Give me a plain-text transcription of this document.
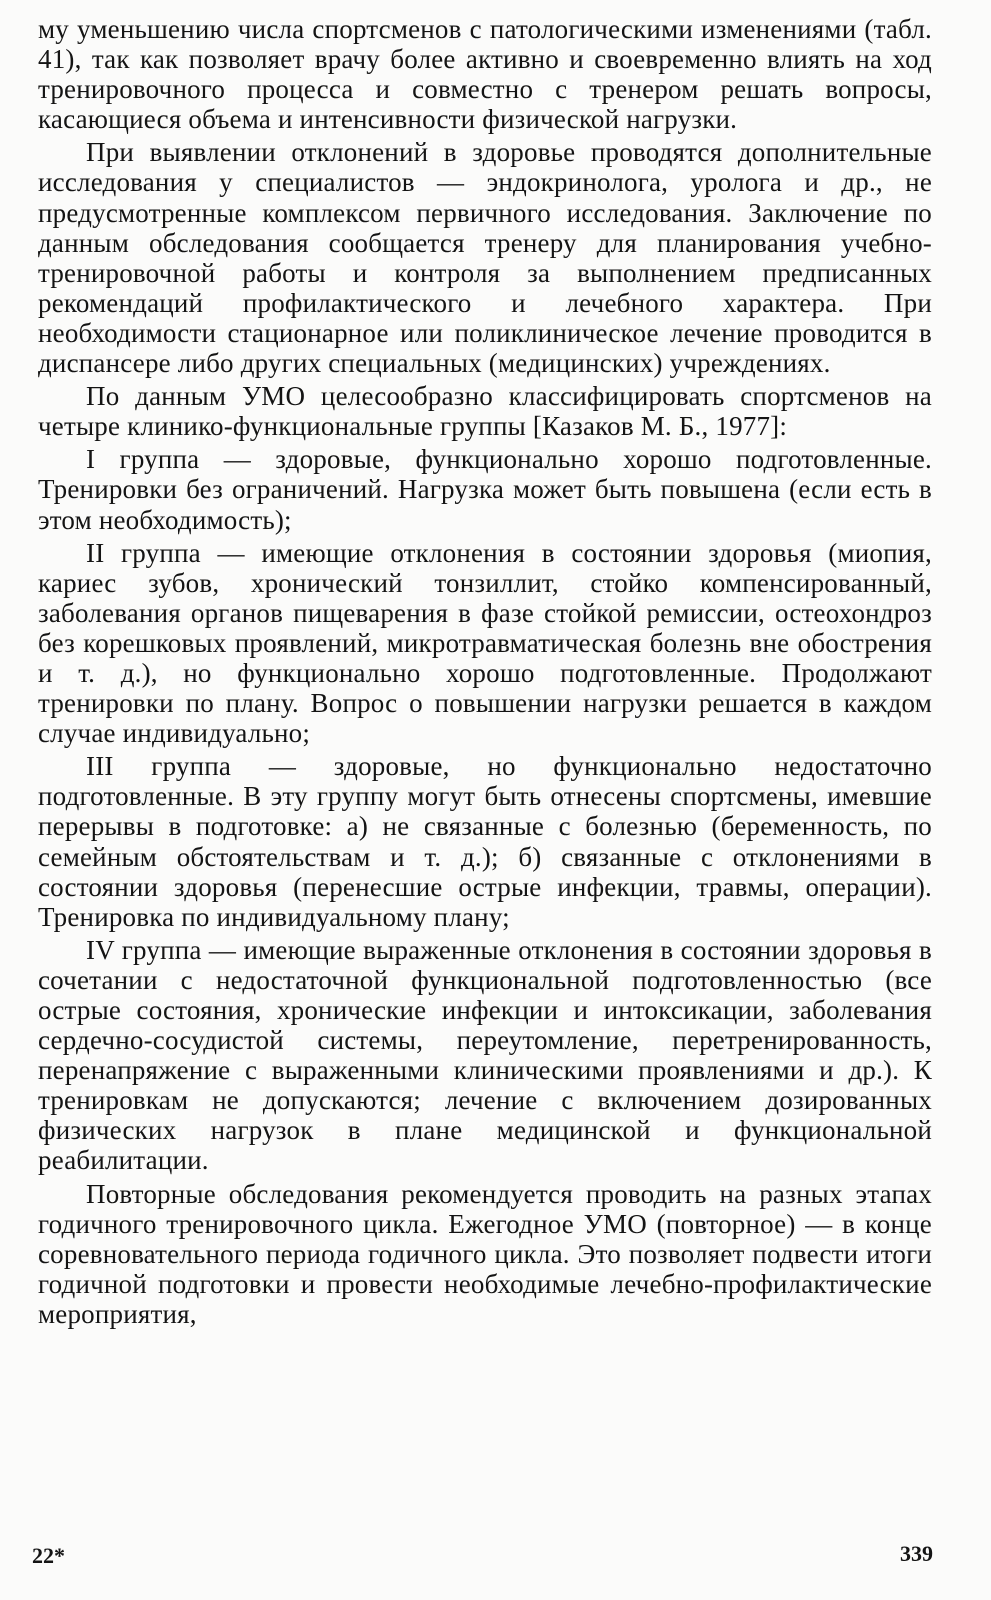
му уменьшению числа спортсменов с патологическими изменениями (табл. 41), так как позволяет врачу более активно и своевременно влиять на ход тренировочного процесса и совместно с тренером решать вопросы, касающиеся объема и интенсивности физической нагрузки.

При выявлении отклонений в здоровье проводятся дополнительные исследования у специалистов — эндокринолога, уролога и др., не предусмотренные комплексом первичного исследования. Заключение по данным обследования сообщается тренеру для планирования учебно-тренировочной работы и контроля за выполнением предписанных рекомендаций профилактического и лечебного характера. При необходимости стационарное или поликлиническое лечение проводится в диспансере либо других специальных (медицинских) учреждениях.

По данным УМО целесообразно классифицировать спортсменов на четыре клинико-функциональные группы [Казаков М. Б., 1977]:

I группа — здоровые, функционально хорошо подготовленные. Тренировки без ограничений. Нагрузка может быть повышена (если есть в этом необходимость);

II группа — имеющие отклонения в состоянии здоровья (миопия, кариес зубов, хронический тонзиллит, стойко компенсированный, заболевания органов пищеварения в фазе стойкой ремиссии, остеохондроз без корешковых проявлений, микротравматическая болезнь вне обострения и т. д.), но функционально хорошо подготовленные. Продолжают тренировки по плану. Вопрос о повышении нагрузки решается в каждом случае индивидуально;

III группа — здоровые, но функционально недостаточно подготовленные. В эту группу могут быть отнесены спортсмены, имевшие перерывы в подготовке: а) не связанные с болезнью (беременность, по семейным обстоятельствам и т. д.); б) связанные с отклонениями в состоянии здоровья (перенесшие острые инфекции, травмы, операции). Тренировка по индивидуальному плану;

IV группа — имеющие выраженные отклонения в состоянии здоровья в сочетании с недостаточной функциональной подготовленностью (все острые состояния, хронические инфекции и интоксикации, заболевания сердечно-сосудистой системы, переутомление, перетренированность, перенапряжение с выраженными клиническими проявлениями и др.). К тренировкам не допускаются; лечение с включением дозированных физических нагрузок в плане медицинской и функциональной реабилитации.

Повторные обследования рекомендуется проводить на разных этапах годичного тренировочного цикла. Ежегодное УМО (повторное) — в конце соревновательного периода годичного цикла. Это позволяет подвести итоги годичной подготовки и провести необходимые лечебно-профилактические мероприятия,

22*	339
